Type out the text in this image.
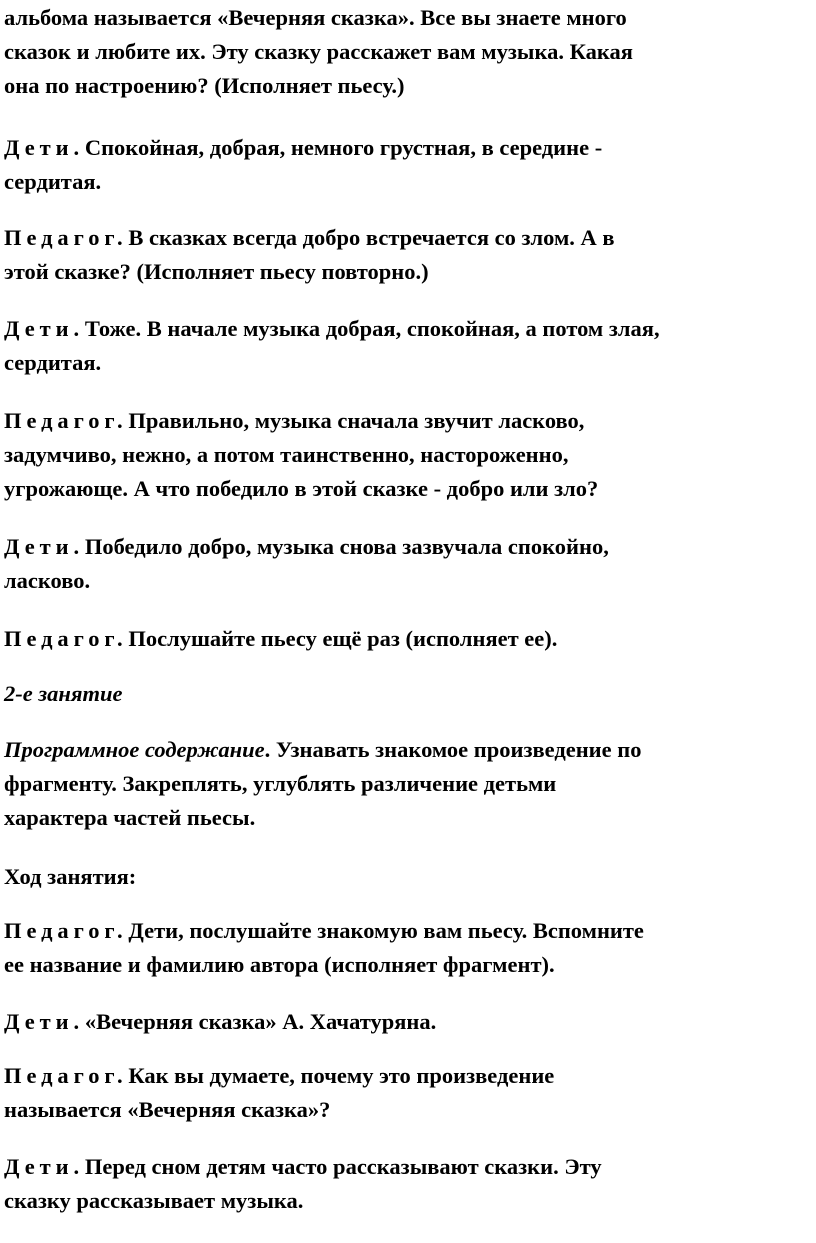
альбома называется «Вечерняя сказка». Все вы знаете много
сказок и любите их. Эту сказку расскажет вам музыка. Какая
она по настроению? (Исполняет пьесу.)

Дети. Спокойная, добрая, немного грустная, в середине -
сердитая.

Педагог. В сказках всегда добро встречается со злом. А в
этой сказке? (Исполняет пьесу повторно.)

Дети. Тоже. В начале музыка добрая, спокойная, а потом злая,
сердитая.

Педагог. Правильно, музыка сначала звучит ласково,
задумчиво, нежно, а потом таинственно, настороженно,
угрожающе. А что победило в этой сказке - добро или зло?

Дети. Победило добро, музыка снова зазвучала спокойно,
ласково.

Педагог. Послушайте пьесу ещё раз (исполняет ее).

2-е занятие

Программное содержание. Узнавать знакомое произведение по
фрагменту. Закреплять, углублять различение детьми
характера частей пьесы.

Ход занятия:

Педагог. Дети, послушайте знакомую вам пьесу. Вспомните
ее название и фамилию автора (исполняет фрагмент).

Дети. «Вечерняя сказка» А. Хачатуряна.

Педагог. Как вы думаете, почему это произведение
называется «Вечерняя сказка»?

Дети. Перед сном детям часто рассказывают сказки. Эту
сказку рассказывает музыка.
